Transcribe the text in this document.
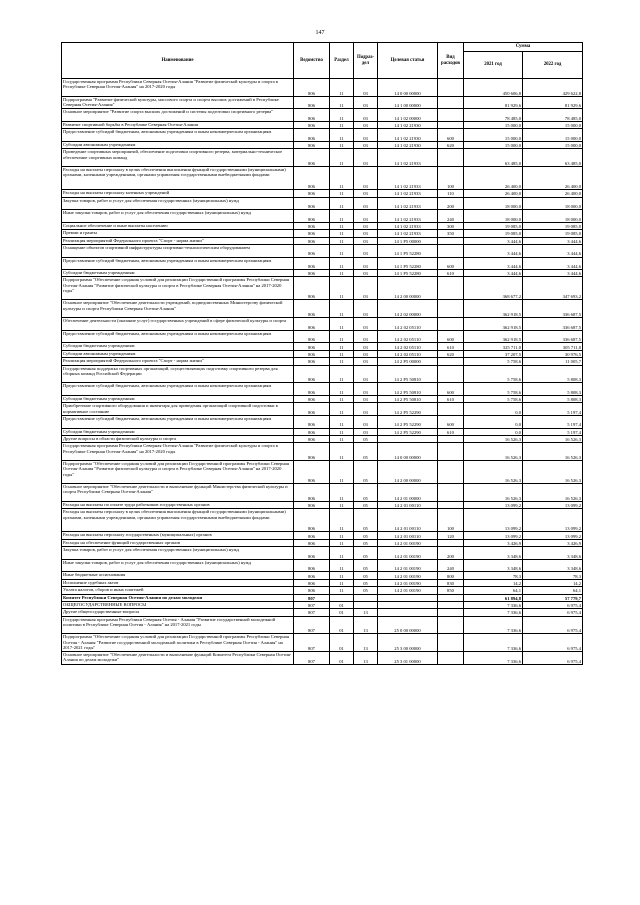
147
Наименование	Ведомство	Раздел	Подраз-дел	Целевая статья	Вид расходов	Сумма	
						2021 год	2022 год
Государственная программа Республики Северная Осетия-Алания "Развитие физической культуры и спорта в Республике Северная Осетия-Алания" на 2017-2020 годы	806	11	03	14 0 00 00000		450 606,8	429 622,8
Подпрограмма "Развитие физической культуры, массового спорта и спорта высших достижений в Республике Северная Осетия-Алания"	806	11	03	14 1 00 00000		81 929,6	81 929,6
Основное мероприятие "Развитие спорта высших достижений и системы подготовки спортивного резерва"	806	11	03	14 1 02 00000		78 485,0	78 485,0
Развитие спортивной борьбы в Республике Северная Осетия-Алания	806	11	03	14 1 02 21930		15 000,0	15 000,0
Предоставление субсидий бюджетным, автономным учреждениям и иным некоммерческим организациям	806	11	03	14 1 02 21930	600	15 000,0	15 000,0
Субсидии автономным учреждениям	806	11	03	14 1 02 21930	620	15 000,0	15 000,0
Проведение спортивных мероприятий, обеспечение подготовки спортивного резерва, материально-техническое обеспечение спортивных команд	806	11	03	14 1 02 21933		63 485,0	63 485,0
Расходы на выплаты персоналу в целях обеспечения выполнения функций государственными (муниципальными) органами, казенными учреждениями, органами управления государственными внебюджетными фондами	806	11	03	14 1 02 21933	100	26 400,0	26 400,0
Расходы на выплаты персоналу казенных учреждений	806	11	03	14 1 02 21933	110	26 400,0	26 400,0
Закупка товаров, работ и услуг для обеспечения государственных (муниципальных) нужд	806	11	03	14 1 02 21933	200	18 000,0	18 000,0
Иные закупки товаров, работ и услуг для обеспечения государственных (муниципальных) нужд	806	11	03	14 1 02 21933	240	18 000,0	18 000,0
Социальное обеспечение и иные выплаты населению	806	11	03	14 1 02 21933	300	19 085,0	19 085,0
Премии и гранты	806	11	03	14 1 02 21933	350	19 085,0	19 085,0
Реализация мероприятий Федерального проекта "Спорт - норма жизни"	806	11	03	14 1 P5 00000		3 444,6	3 444,6
Оснащение объектов спортивной инфраструктуры спортивно-технологическим оборудованием	806	11	03	14 1 P5 52280		3 444,6	3 444,6
Предоставление субсидий бюджетным, автономным учреждениям и иным некоммерческим организациям	806	11	03	14 1 P5 52280	600	3 444,6	3 444,6
Субсидии бюджетным учреждениям	806	11	03	14 1 P5 52280	610	3 444,6	3 444,6
Подпрограмма "Обеспечение создания условий для реализации Государственной программы Республики Северная Осетия-Алания "Развитие физической культуры и спорта в Республике Северная Осетия-Алания" на 2017-2020 годы"	806	11	03	14 2 00 00000		368 677,2	347 693,2
Основное мероприятие "Обеспечение деятельности учреждений, подведомственных Министерству физической культуры и спорта Республики Северная Осетия-Алания"	806	11	03	14 2 02 00000		362 918,5	336 687,5
Обеспечение деятельности (оказание услуг) государственных учреждений в сфере физической культуры и спорта	806	11	03	14 2 02 05110		362 918,5	336 687,5
Предоставление субсидий бюджетным, автономным учреждениям и иным некоммерческим организациям	806	11	03	14 2 02 05110	600	362 918,5	336 687,5
Субсидии бюджетным учреждениям	806	11	03	14 2 02 05110	610	325 711,0	305 711,0
Субсидии автономным учреждениям	806	11	03	14 2 02 05110	620	37 207,5	30 976,5
Реализация мероприятий Федерального проекта "Спорт - норма жизни"	806	11	03	14 2 P5 00000		5 758,6	11 005,7
Государственная поддержка спортивных организаций, осуществляющих подготовку спортивного резерва для сборных команд Российской Федерации	806	11	03	14 2 P5 50810		5 758,6	5 808,3
Предоставление субсидий бюджетным, автономным учреждениям и иным некоммерческим организациям	806	11	03	14 2 P5 50810	600	5 758,6	5 808,3
Субсидии бюджетным учреждениям	806	11	03	14 2 P5 50810	610	5 758,6	5 808,3
Приобретение спортивного оборудования и инвентаря для приведения организаций спортивной подготовки в нормативное состояние	806	11	03	14 2 P5 52290		0,0	5 197,4
Предоставление субсидий бюджетным, автономным учреждениям и иным некоммерческим организациям	806	11	03	14 2 P5 52290	600	0,0	5 197,4
Субсидии бюджетным учреждениям	806	11	03	14 2 P5 52290	610	0,0	5 197,4
Другие вопросы в области физической культуры и спорта	806	11	05			16 526,3	16 526,3
Государственная программа Республики Северная Осетия-Алания "Развитие физической культуры и спорта в Республике Северная Осетия-Алания" на 2017-2020 годы	806	11	05	14 0 00 00000		16 526,3	16 526,3
Подпрограмма "Обеспечение создания условий для реализации Государственной программы Республики Северная Осетия-Алания "Развитие физической культуры и спорта в Республике Северная Осетия-Алания" на 2017-2020 годы"	806	11	05	14 2 00 00000		16 526,3	16 526,3
Основное мероприятие "Обеспечение деятельности и выполнение функций Министерства физической культуры и спорта Республики Северная Осетия-Алания"	806	11	05	14 2 01 00000		16 526,3	16 526,3
Расходы на выплаты по оплате труда работников государственных органов	806	11	05	14 2 01 00110		13 099,2	13 099,2
Расходы на выплаты персоналу в целях обеспечения выполнения функций государственными (муниципальными) органами, казенными учреждениями, органами управления государственными внебюджетными фондами	806	11	05	14 2 01 00110	100	13 099,2	13 099,2
Расходы на выплаты персоналу государственных (муниципальных) органов	806	11	05	14 2 01 00110	120	13 099,2	13 099,2
Расходы на обеспечение функций государственных органов	806	11	05	14 2 01 00190		3 426,9	3 426,9
Закупка товаров, работ и услуг для обеспечения государственных (муниципальных) нужд	806	11	05	14 2 01 00190	200	3 348,6	3 348,6
Иные закупки товаров, работ и услуг для обеспечения государственных (муниципальных) нужд	806	11	05	14 2 01 00190	240	3 348,6	3 348,6
Иные бюджетные ассигнования	806	11	05	14 2 01 00190	800	78,3	78,3
Исполнение судебных актов	806	11	05	14 2 01 00190	830	14,2	14,2
Уплата налогов, сборов и иных платежей	806	11	05	14 2 01 00190	850	64,1	64,1
Комитет Республики Северная Осетия-Алания по делам молодежи	807					61 894,8	57 779,7
ОБЩЕГОСУДАРСТВЕННЫЕ ВОПРОСЫ	807	01				7 336,6	6 975,4
Другие общегосударственные вопросы	807	01	13			7 336,6	6 975,4
Государственная программа Республики Северная Осетия - Алания "Развитие государственной молодежной политики в Республике Северная Осетия - Алания" на 2017-2021 годы	807	01	13	25 0 00 00000		7 336,6	6 975,4
Подпрограмма "Обеспечение создания условий для реализации Государственной программы Республики Северная Осетия - Алания "Развитие государственной молодежной политики в Республике Северная Осетия - Алания" на 2017-2021 годы"	807	01	13	25 3 00 00000		7 336,6	6 975,4
Основное мероприятие "Обеспечение деятельности и выполнение функций Комитета Республики Северная Осетия-Алания по делам молодежи"	807	01	13	25 3 01 00000		7 336,6	6 975,4
